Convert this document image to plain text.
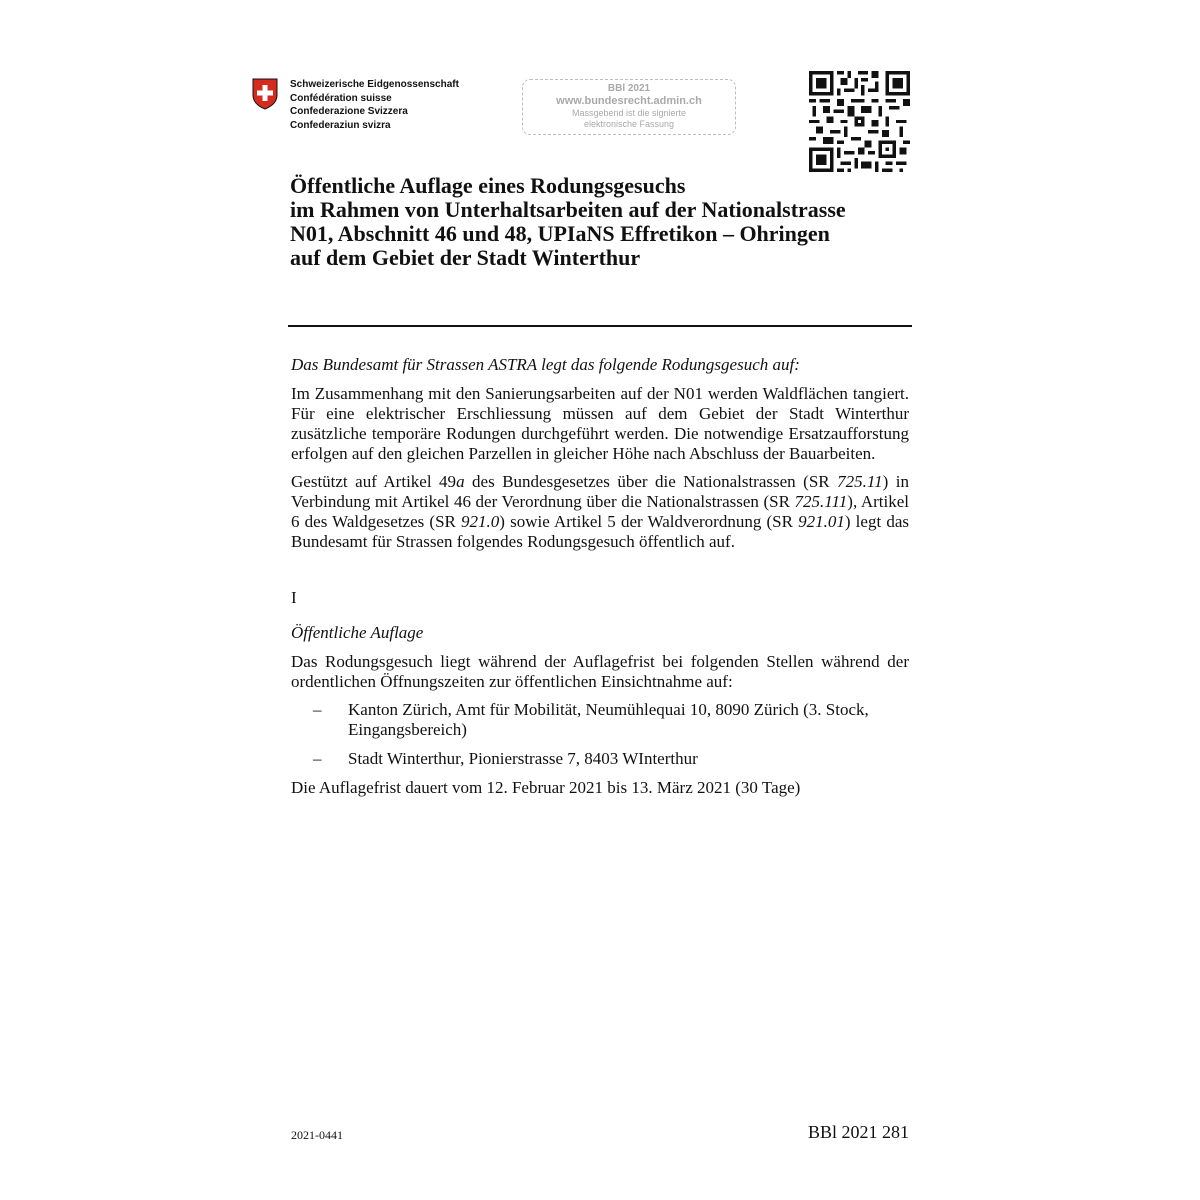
Schweizerische Eidgenossenschaft
Confédération suisse
Confederazione Svizzera
Confederaziun svizra
BBl 2021
www.bundesrecht.admin.ch
Massgebend ist die signierte
elektronische Fassung
Öffentliche Auflage eines Rodungsgesuchs
im Rahmen von Unterhaltsarbeiten auf der Nationalstrasse
N01, Abschnitt 46 und 48, UPIaNS Effretikon – Ohringen
auf dem Gebiet der Stadt Winterthur

Das Bundesamt für Strassen ASTRA legt das folgende Rodungsgesuch auf:

Im Zusammenhang mit den Sanierungsarbeiten auf der N01 werden Waldflächen tangiert. Für eine elektrischer Erschliessung müssen auf dem Gebiet der Stadt Winterthur zusätzliche temporäre Rodungen durchgeführt werden. Die notwendige Ersatzaufforstung erfolgen auf den gleichen Parzellen in gleicher Höhe nach Abschluss der Bauarbeiten.

Gestützt auf Artikel 49a des Bundesgesetzes über die Nationalstrassen (SR 725.11) in Verbindung mit Artikel 46 der Verordnung über die Nationalstrassen (SR 725.111), Artikel 6 des Waldgesetzes (SR 921.0) sowie Artikel 5 der Waldverordnung (SR 921.01) legt das Bundesamt für Strassen folgendes Rodungsgesuch öffentlich auf.

I
Öffentliche Auflage

Das Rodungsgesuch liegt während der Auflagefrist bei folgenden Stellen während der ordentlichen Öffnungszeiten zur öffentlichen Einsichtnahme auf:

– Kanton Zürich, Amt für Mobilität, Neumühlequai 10, 8090 Zürich (3. Stock, Eingangsbereich)
– Stadt Winterthur, Pionierstrasse 7, 8403 WInterthur

Die Auflagefrist dauert vom 12. Februar 2021 bis 13. März 2021 (30 Tage)

2021-0441	BBl 2021 281
